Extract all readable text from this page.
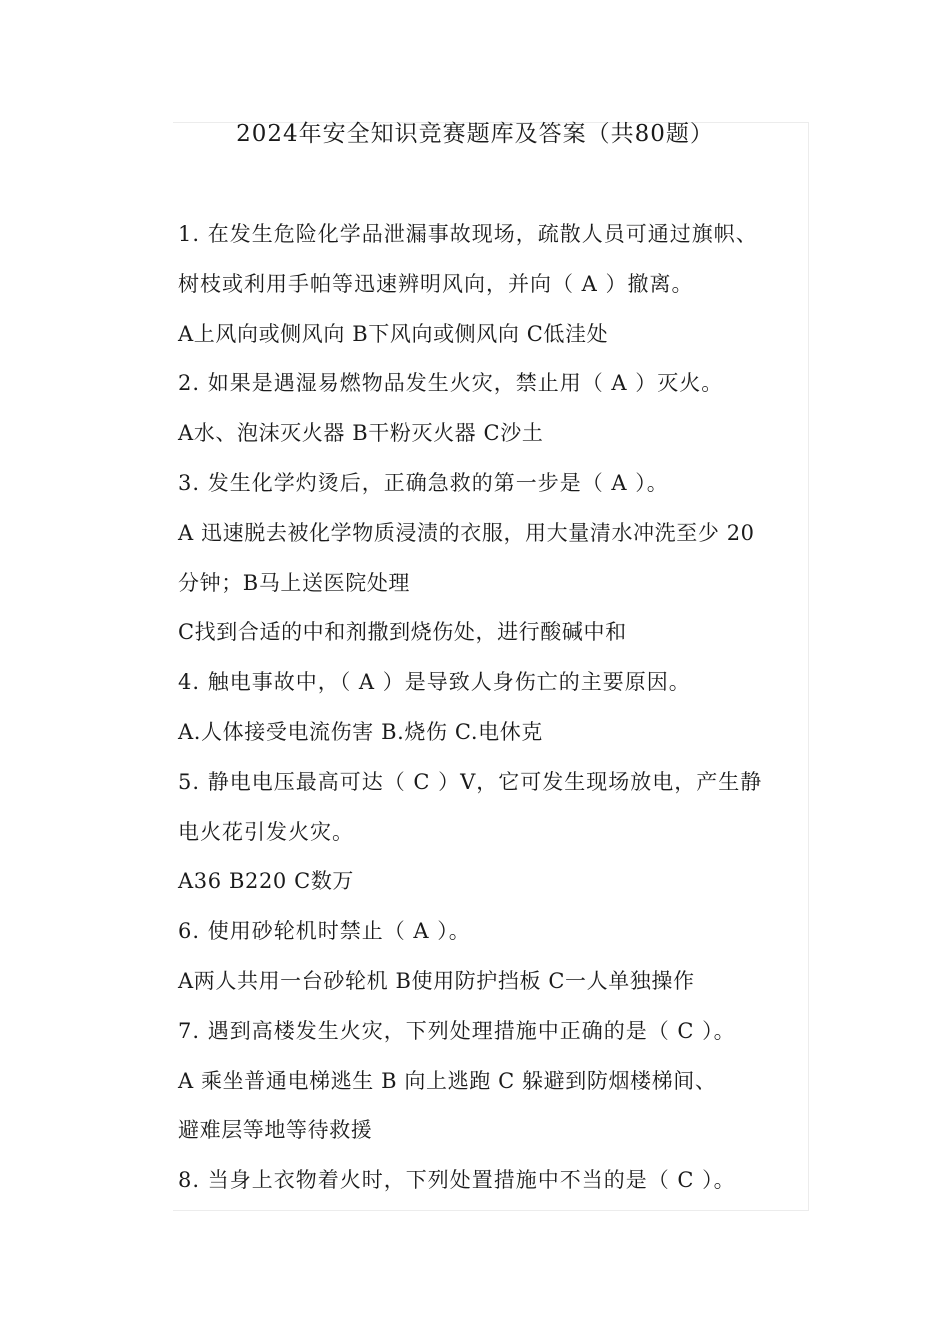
2024年安全知识竞赛题库及答案（共80题）
1. 在发生危险化学品泄漏事故现场，疏散人员可通过旗帜、
树枝或利用手帕等迅速辨明风向，并向（ A ）撤离。
A上风向或侧风向 B下风向或侧风向 C低洼处
2. 如果是遇湿易燃物品发生火灾，禁止用（ A ）灭火。
A水、泡沫灭火器 B干粉灭火器 C沙土
3. 发生化学灼烫后，正确急救的第一步是（ A ）。
A 迅速脱去被化学物质浸渍的衣服，用大量清水冲洗至少 20
分钟；B马上送医院处理
C找到合适的中和剂撒到烧伤处，进行酸碱中和
4. 触电事故中，（ A ）是导致人身伤亡的主要原因。
A.人体接受电流伤害 B.烧伤 C.电休克
5. 静电电压最高可达（ C ）V，它可发生现场放电，产生静
电火花引发火灾。
A36 B220 C数万
6. 使用砂轮机时禁止（ A ）。
A两人共用一台砂轮机 B使用防护挡板 C一人单独操作
7. 遇到高楼发生火灾，下列处理措施中正确的是（ C ）。
A 乘坐普通电梯逃生 B 向上逃跑 C 躲避到防烟楼梯间、
避难层等地等待救援
8. 当身上衣物着火时，下列处置措施中不当的是（ C ）。
